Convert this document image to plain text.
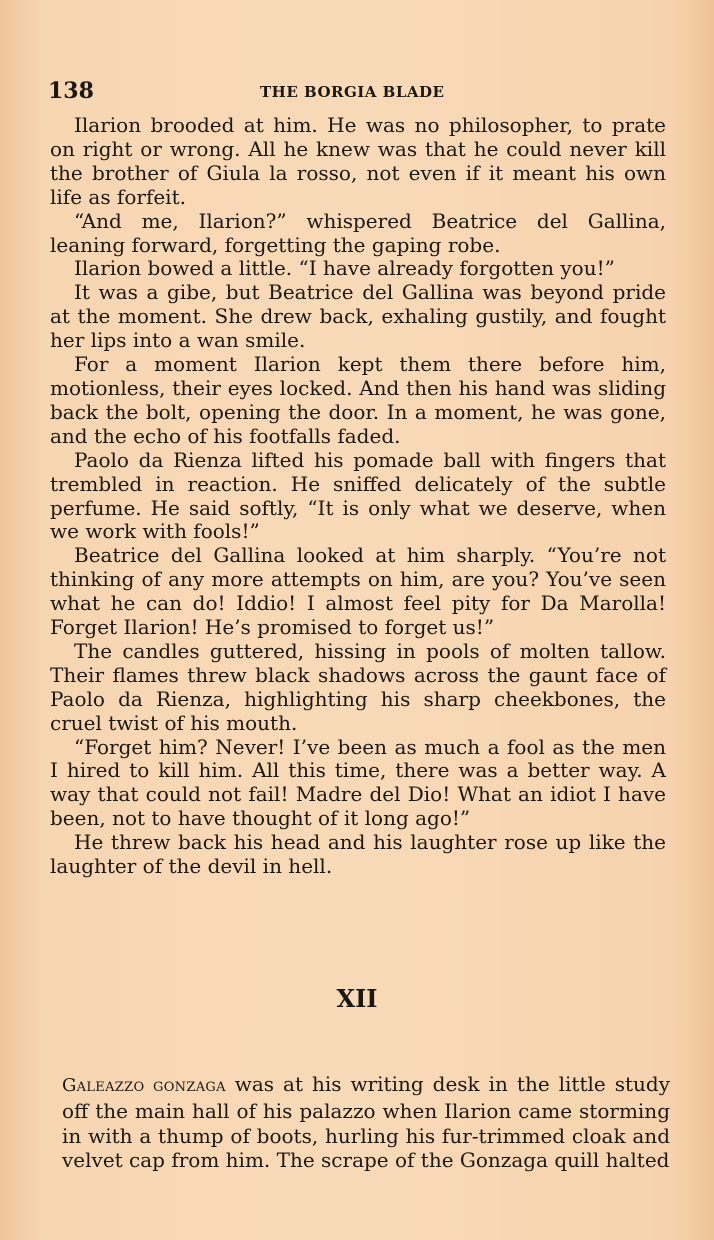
138	THE BORGIA BLADE

Ilarion brooded at him. He was no philosopher, to prate on right or wrong. All he knew was that he could never kill the brother of Giula la rosso, not even if it meant his own life as forfeit.

“And me, Ilarion?” whispered Beatrice del Gallina, leaning forward, forgetting the gaping robe.

Ilarion bowed a little. “I have already forgotten you!”

It was a gibe, but Beatrice del Gallina was beyond pride at the moment. She drew back, exhaling gustily, and fought her lips into a wan smile.

For a moment Ilarion kept them there before him, motionless, their eyes locked. And then his hand was sliding back the bolt, opening the door. In a moment, he was gone, and the echo of his footfalls faded.

Paolo da Rienza lifted his pomade ball with fingers that trembled in reaction. He sniffed delicately of the subtle perfume. He said softly, “It is only what we deserve, when we work with fools!”

Beatrice del Gallina looked at him sharply. “You’re not thinking of any more attempts on him, are you? You’ve seen what he can do! Iddio! I almost feel pity for Da Marolla! Forget Ilarion! He’s promised to forget us!”

The candles guttered, hissing in pools of molten tallow. Their flames threw black shadows across the gaunt face of Paolo da Rienza, highlighting his sharp cheekbones, the cruel twist of his mouth.

“Forget him? Never! I’ve been as much a fool as the men I hired to kill him. All this time, there was a better way. A way that could not fail! Madre del Dio! What an idiot I have been, not to have thought of it long ago!”

He threw back his head and his laughter rose up like the laughter of the devil in hell.

XII

Galeazzo gonzaga was at his writing desk in the little study off the main hall of his palazzo when Ilarion came storming in with a thump of boots, hurling his fur-trimmed cloak and velvet cap from him. The scrape of the Gonzaga quill halted
